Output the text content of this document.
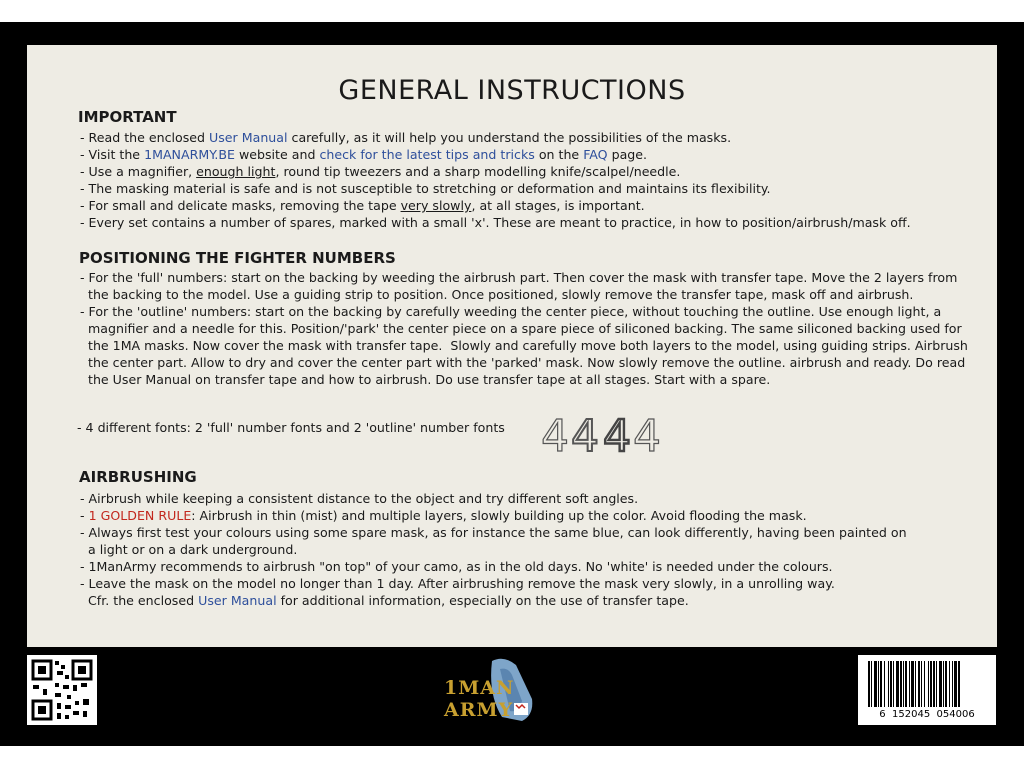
GENERAL INSTRUCTIONS
IMPORTANT
- Read the enclosed User Manual carefully, as it will help you understand the possibilities of the masks.
- Visit the 1MANARMY.BE website and check for the latest tips and tricks on the FAQ page.
- Use a magnifier, enough light, round tip tweezers and a sharp modelling knife/scalpel/needle.
- The masking material is safe and is not susceptible to stretching or deformation and maintains its flexibility.
- For small and delicate masks, removing the tape very slowly, at all stages, is important.
- Every set contains a number of spares, marked with a small 'x'. These are meant to practice, in how to position/airbrush/mask off.
POSITIONING THE FIGHTER NUMBERS
- For the 'full' numbers: start on the backing by weeding the airbrush part. Then cover the mask with transfer tape. Move the 2 layers from
the backing to the model. Use a guiding strip to position. Once positioned, slowly remove the transfer tape, mask off and airbrush.
- For the 'outline' numbers: start on the backing by carefully weeding the center piece, without touching the outline. Use enough light, a
magnifier and a needle for this. Position/'park' the center piece on a spare piece of siliconed backing. The same siliconed backing used for
the 1MA masks. Now cover the mask with transfer tape.  Slowly and carefully move both layers to the model, using guiding strips. Airbrush
the center part. Allow to dry and cover the center part with the 'parked' mask. Now slowly remove the outline. airbrush and ready. Do read
the User Manual on transfer tape and how to airbrush. Do use transfer tape at all stages. Start with a spare.
- 4 different fonts: 2 'full' number fonts and 2 'outline' number fonts 4 4 4 4
AIRBRUSHING
- Airbrush while keeping a consistent distance to the object and try different soft angles.
- 1 GOLDEN RULE: Airbrush in thin (mist) and multiple layers, slowly building up the color. Avoid flooding the mask.
- Always first test your colours using some spare mask, as for instance the same blue, can look differently, having been painted on
a light or on a dark underground.
- 1ManArmy recommends to airbrush "on top" of your camo, as in the old days. No 'white' is needed under the colours.
- Leave the mask on the model no longer than 1 day. After airbrushing remove the mask very slowly, in a unrolling way.
Cfr. the enclosed User Manual for additional information, especially on the use of transfer tape.
1MAN
ARMY	6  152045  054006
